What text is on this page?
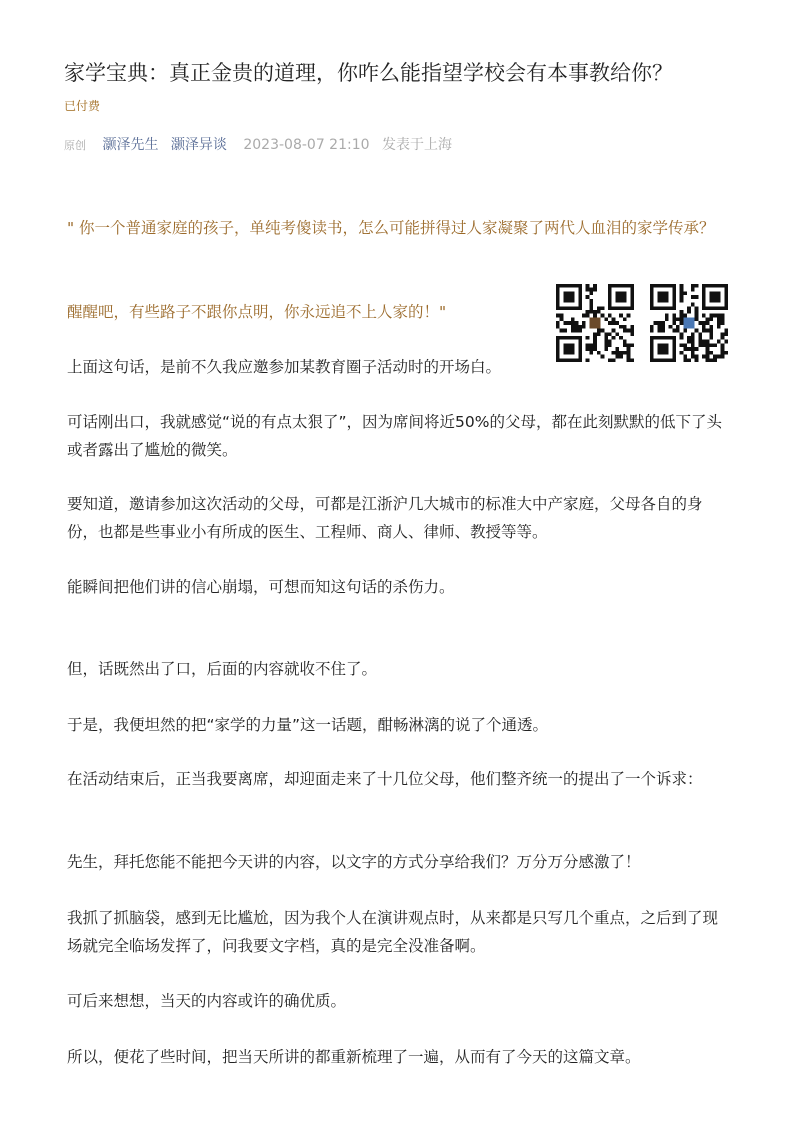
家学宝典：真正金贵的道理，你咋么能指望学校会有本事教给你？
已付费
原创 灏泽先生 灏泽异谈 2023-08-07 21:10 发表于上海

" 你一个普通家庭的孩子，单纯考傻读书，怎么可能拼得过人家凝聚了两代人血泪的家学传承？

醒醒吧，有些路子不跟你点明，你永远追不上人家的！"

上面这句话，是前不久我应邀参加某教育圈子活动时的开场白。

可话刚出口，我就感觉“说的有点太狠了”，因为席间将近50%的父母，都在此刻默默的低下了头或者露出了尴尬的微笑。

要知道，邀请参加这次活动的父母，可都是江浙沪几大城市的标准大中产家庭，父母各自的身份，也都是些事业小有所成的医生、工程师、商人、律师、教授等等。

能瞬间把他们讲的信心崩塌，可想而知这句话的杀伤力。

但，话既然出了口，后面的内容就收不住了。

于是，我便坦然的把“家学的力量”这一话题，酣畅淋漓的说了个通透。

在活动结束后，正当我要离席，却迎面走来了十几位父母，他们整齐统一的提出了一个诉求：

先生，拜托您能不能把今天讲的内容，以文字的方式分享给我们？万分万分感激了！

我抓了抓脑袋，感到无比尴尬，因为我个人在演讲观点时，从来都是只写几个重点，之后到了现场就完全临场发挥了，问我要文字档，真的是完全没准备啊。

可后来想想，当天的内容或许的确优质。

所以，便花了些时间，把当天所讲的都重新梳理了一遍，从而有了今天的这篇文章。
